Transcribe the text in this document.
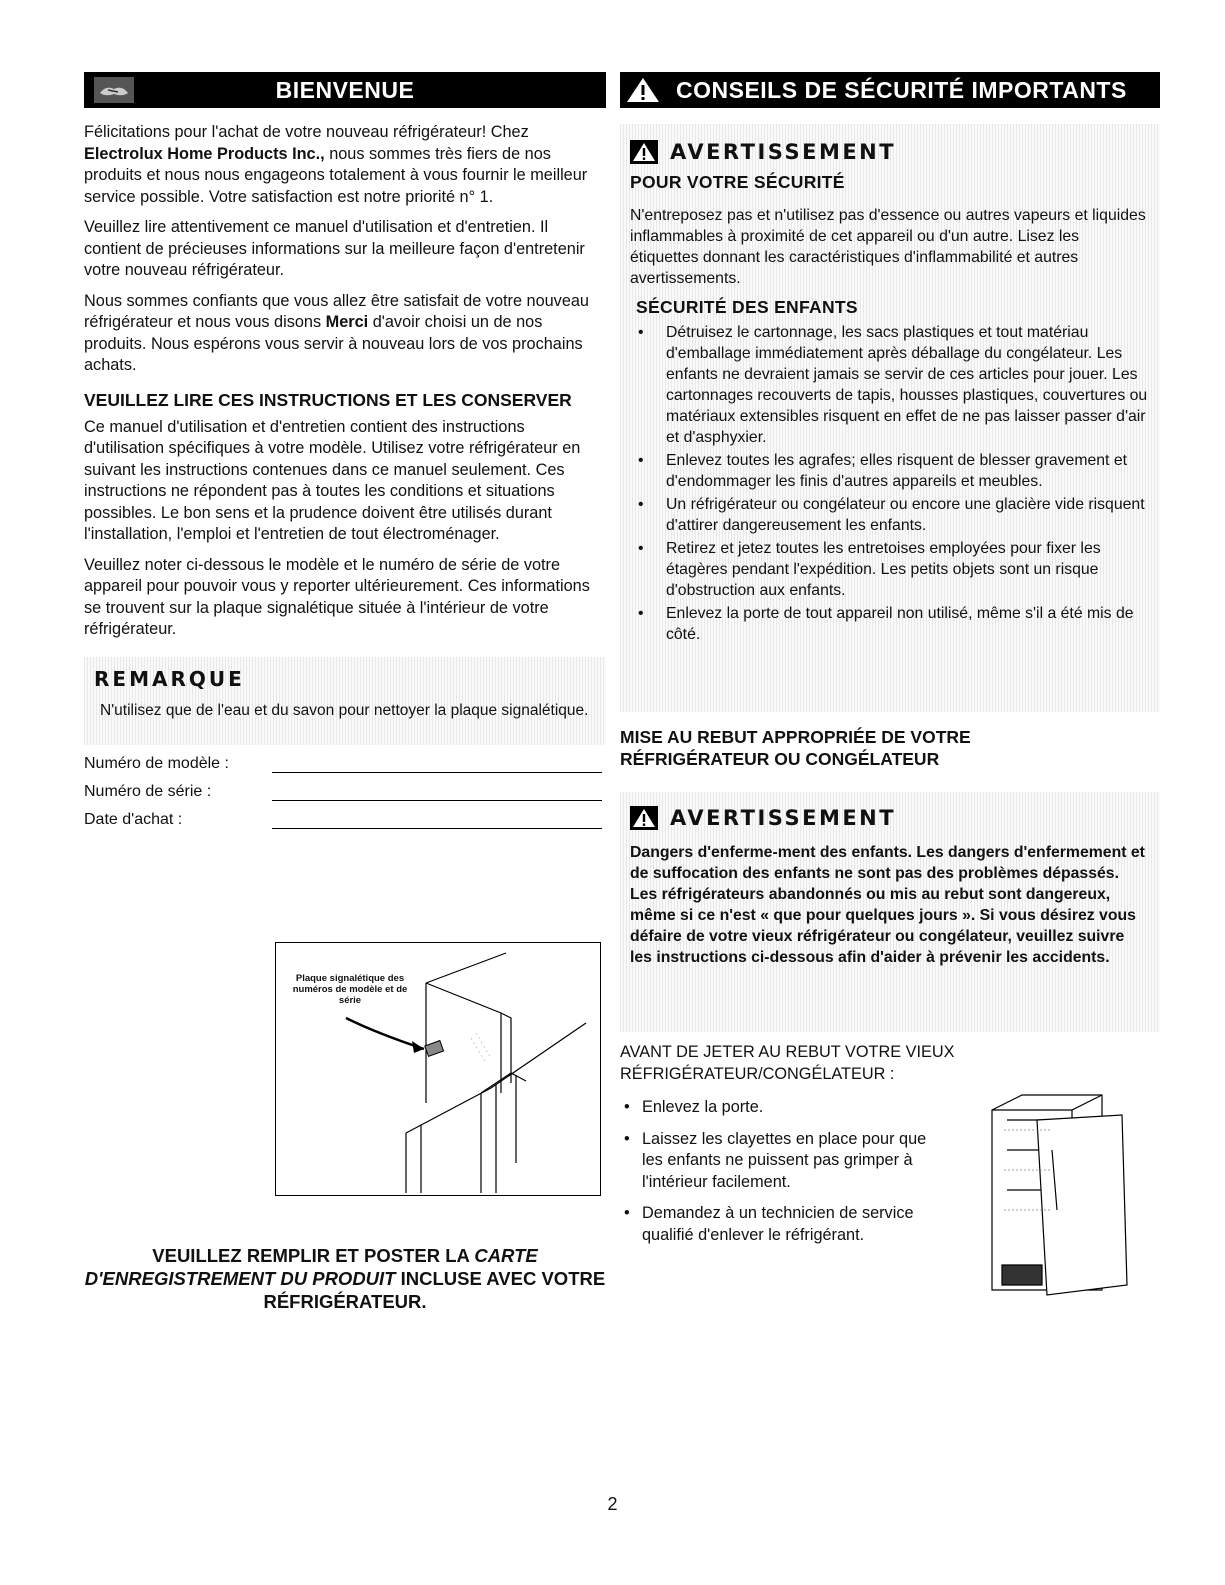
BIENVENUE

Félicitations pour l'achat de votre nouveau réfrigérateur! Chez Electrolux Home Products Inc., nous sommes très fiers de nos produits et nous nous engageons totalement à vous fournir le meilleur service possible. Votre satisfaction est notre priorité n° 1.

Veuillez lire attentivement ce manuel d'utilisation et d'entretien. Il contient de précieuses informations sur la meilleure façon d'entretenir votre nouveau réfrigérateur.

Nous sommes confiants que vous allez être satisfait de votre nouveau réfrigérateur et nous vous disons Merci d'avoir choisi un de nos produits. Nous espérons vous servir à nouveau lors de vos prochains achats.

VEUILLEZ LIRE CES INSTRUCTIONS ET LES CONSERVER

Ce manuel d'utilisation et d'entretien contient des instructions d'utilisation spécifiques à votre modèle. Utilisez votre réfrigérateur en suivant les instructions contenues dans ce manuel seulement. Ces instructions ne répondent pas à toutes les conditions et situations possibles. Le bon sens et la prudence doivent être utilisés durant l'installation, l'emploi et l'entretien de tout électroménager.

Veuillez noter ci-dessous le modèle et le numéro de série de votre appareil pour pouvoir vous y reporter ultérieurement. Ces informations se trouvent sur la plaque signalétique située à l'intérieur de votre réfrigérateur.

REMARQUE

N'utilisez que de l'eau et du savon pour nettoyer la plaque signalétique.

Numéro de modèle :
Numéro de série :
Date d'achat :
Plaque signalétique des numéros de modèle et de série
VEUILLEZ REMPLIR ET POSTER LA CARTE D'ENREGISTREMENT DU PRODUIT INCLUSE AVEC VOTRE RÉFRIGÉRATEUR.
CONSEILS DE SÉCURITÉ IMPORTANTS
AVERTISSEMENT
POUR VOTRE SÉCURITÉ

N'entreposez pas et n'utilisez pas d'essence ou autres vapeurs et liquides inflammables à proximité de cet appareil ou d'un autre. Lisez les étiquettes donnant les caractéristiques d'inflammabilité et autres avertissements.

SÉCURITÉ DES ENFANTS
• Détruisez le cartonnage, les sacs plastiques et tout matériau d'emballage immédiatement après déballage du congélateur. Les enfants ne devraient jamais se servir de ces articles pour jouer. Les cartonnages recouverts de tapis, housses plastiques, couvertures ou matériaux extensibles risquent en effet de ne pas laisser passer d'air et d'asphyxier.
• Enlevez toutes les agrafes; elles risquent de blesser gravement et d'endommager les finis d'autres appareils et meubles.
• Un réfrigérateur ou congélateur ou encore une glacière vide risquent d'attirer dangereusement les enfants.
• Retirez et jetez toutes les entretoises employées pour fixer les étagères pendant l'expédition. Les petits objets sont un risque d'obstruction aux enfants.
• Enlevez la porte de tout appareil non utilisé, même s'il a été mis de côté.
MISE AU REBUT APPROPRIÉE DE VOTRE RÉFRIGÉRATEUR OU CONGÉLATEUR
AVERTISSEMENT

Dangers d'enferme-ment des enfants. Les dangers d'enfermement et de suffocation des enfants ne sont pas des problèmes dépassés. Les réfrigérateurs abandonnés ou mis au rebut sont dangereux, même si ce n'est « que pour quelques jours ». Si vous désirez vous défaire de votre vieux réfrigérateur ou congélateur, veuillez suivre les instructions ci-dessous afin d'aider à prévenir les accidents.

AVANT DE JETER AU REBUT VOTRE VIEUX RÉFRIGÉRATEUR/CONGÉLATEUR :

• Enlevez la porte.
• Laissez les clayettes en place pour que les enfants ne puissent pas grimper à l'intérieur facilement.
• Demandez à un technicien de service qualifié d'enlever le réfrigérant.
2
